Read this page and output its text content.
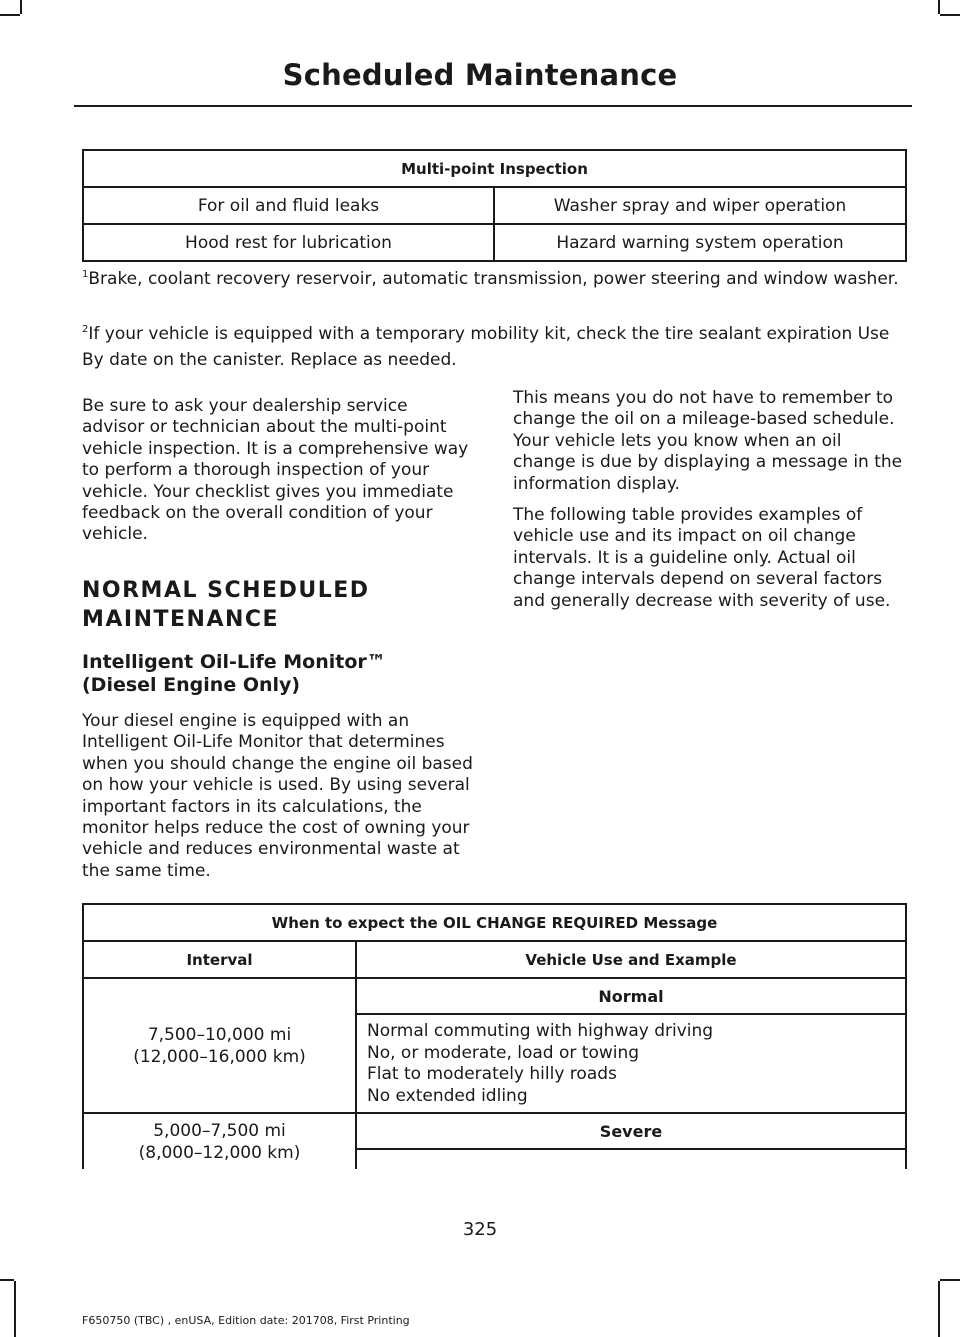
Scheduled Maintenance
Multi-point Inspection	
For oil and fluid leaks	Washer spray and wiper operation
Hood rest for lubrication	Hazard warning system operation
$^1$Brake, coolant recovery reservoir, automatic transmission, power steering and window washer.
$^2$If your vehicle is equipped with a temporary mobility kit, check the tire sealant expiration Use By date on the canister. Replace as needed.

Be sure to ask your dealership service advisor or technician about the multi-point vehicle inspection. It is a comprehensive way to perform a thorough inspection of your vehicle. Your checklist gives you immediate feedback on the overall condition of your vehicle.

NORMAL SCHEDULED
MAINTENANCE
Intelligent Oil-Life Monitor™
(Diesel Engine Only)

Your diesel engine is equipped with an Intelligent Oil-Life Monitor that determines when you should change the engine oil based on how your vehicle is used. By using several important factors in its calculations, the monitor helps reduce the cost of owning your vehicle and reduces environmental waste at the same time.

This means you do not have to remember to change the oil on a mileage-based schedule. Your vehicle lets you know when an oil change is due by displaying a message in the information display.

The following table provides examples of vehicle use and its impact on oil change intervals. It is a guideline only. Actual oil change intervals depend on several factors and generally decrease with severity of use.

When to expect the OIL CHANGE REQUIRED Message	
Interval	Vehicle Use and Example

7,500–10,000 mi
(12,000–16,000 km)	Normal

	Normal commuting with highway driving
No, or moderate, load or towing
Flat to moderately hilly roads
No extended idling

5,000–7,500 mi
(8,000–12,000 km)	Severe

325
F650750 (TBC) , enUSA, Edition date: 201708, First Printing
